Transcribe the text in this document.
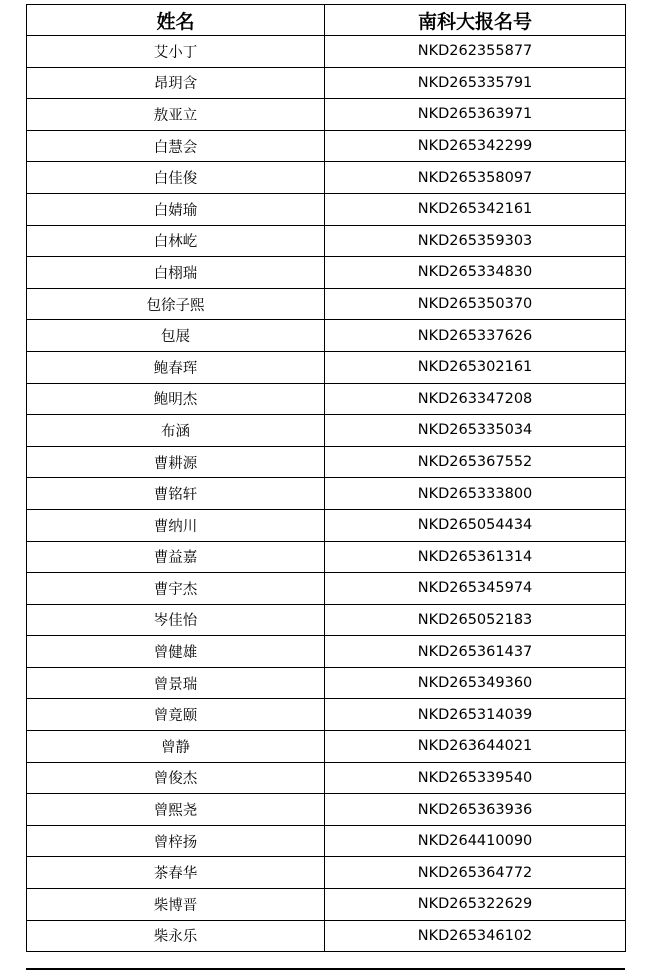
姓名	南科大报名号
艾小丁	NKD262355877
昂玥含	NKD265335791
敖亚立	NKD265363971
白慧会	NKD265342299
白佳俊	NKD265358097
白婧瑜	NKD265342161
白林屹	NKD265359303
白栩瑞	NKD265334830
包徐子熙	NKD265350370
包展	NKD265337626
鲍春珲	NKD265302161
鲍明杰	NKD263347208
布涵	NKD265335034
曹耕源	NKD265367552
曹铭轩	NKD265333800
曹纳川	NKD265054434
曹益嘉	NKD265361314
曹宇杰	NKD265345974
岑佳怡	NKD265052183
曾健雄	NKD265361437
曾景瑞	NKD265349360
曾竟颐	NKD265314039
曾静	NKD263644021
曾俊杰	NKD265339540
曾熙尧	NKD265363936
曾梓扬	NKD264410090
茶春华	NKD265364772
柴博晋	NKD265322629
柴永乐	NKD265346102
